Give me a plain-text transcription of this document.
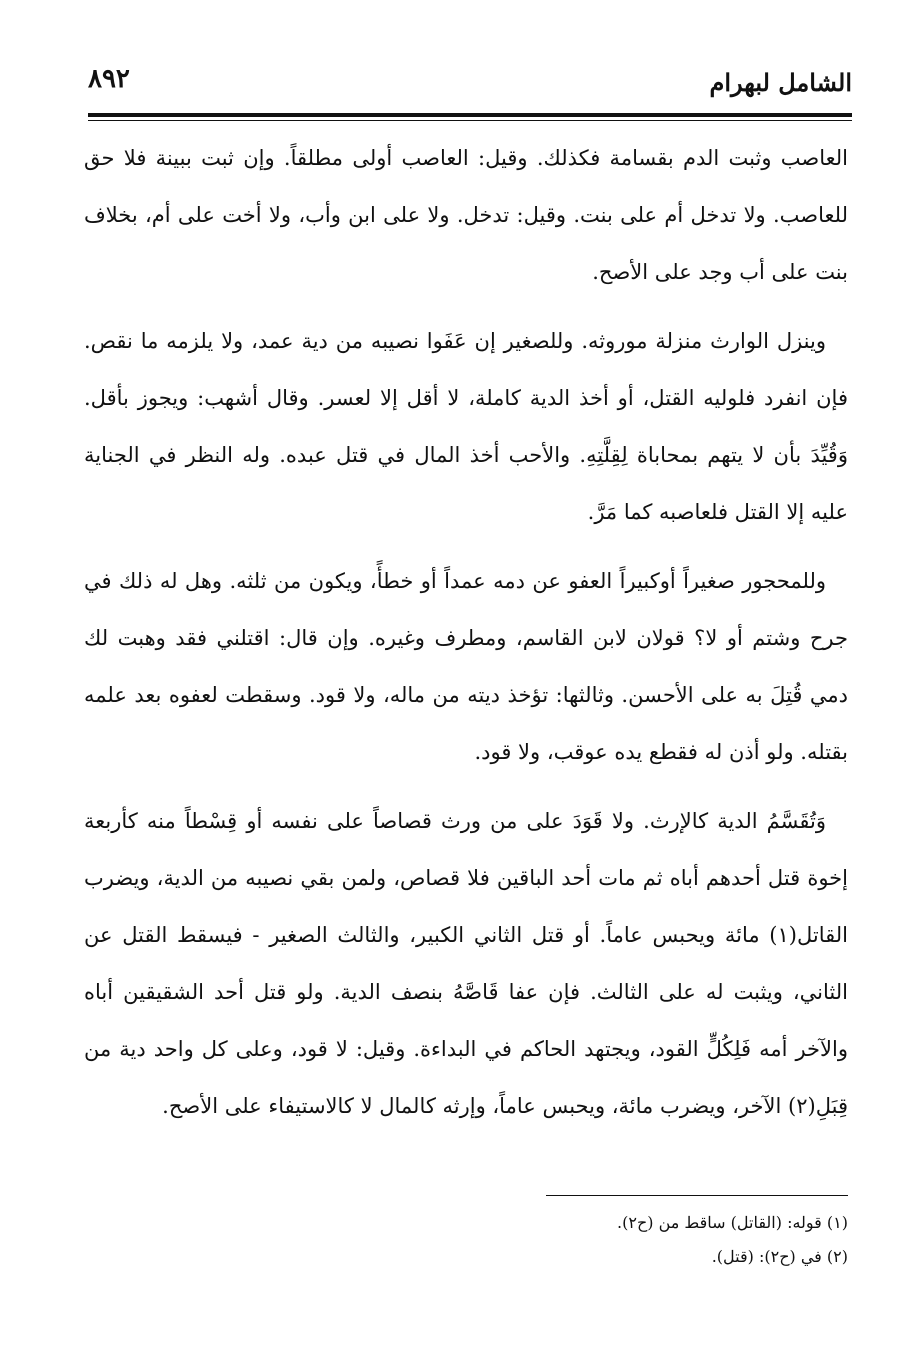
الشامل لبهرام
٨٩٢

العاصب وثبت الدم بقسامة فكذلك. وقيل: العاصب أولى مطلقاً. وإن ثبت ببينة فلا حق للعاصب. ولا تدخل أم على بنت. وقيل: تدخل. ولا على ابن وأب، ولا أخت على أم، بخلاف بنت على أب وجد على الأصح.

وينزل الوارث منزلة موروثه. وللصغير إن عَفَوا نصيبه من دية عمد، ولا يلزمه ما نقص. فإن انفرد فلوليه القتل، أو أخذ الدية كاملة، لا أقل إلا لعسر. وقال أشهب: ويجوز بأقل. وَقُيِّدَ بأن لا يتهم بمحاباة لِقِلَّتِهِ. والأحب أخذ المال في قتل عبده. وله النظر في الجناية عليه إلا القتل فلعاصبه كما مَرَّ.

وللمحجور صغيراً أوكبيراً العفو عن دمه عمداً أو خطأً، ويكون من ثلثه. وهل له ذلك في جرح وشتم أو لا؟ قولان لابن القاسم، ومطرف وغيره. وإن قال: اقتلني فقد وهبت لك دمي قُتِلَ به على الأحسن. وثالثها: تؤخذ ديته من ماله، ولا قود. وسقطت لعفوه بعد علمه بقتله. ولو أذن له فقطع يده عوقب، ولا قود.

وَتُقَسَّمُ الدية كالإرث. ولا قَوَدَ على من ورث قصاصاً على نفسه أو قِسْطاً منه كأربعة إخوة قتل أحدهم أباه ثم مات أحد الباقين فلا قصاص، ولمن بقي نصيبه من الدية، ويضرب القاتل(١) مائة ويحبس عاماً. أو قتل الثاني الكبير، والثالث الصغير - فيسقط القتل عن الثاني، ويثبت له على الثالث. فإن عفا قَاصَّهُ بنصف الدية. ولو قتل أحد الشقيقين أباه والآخر أمه فَلِكُلٍّ القود، ويجتهد الحاكم في البداءة. وقيل: لا قود، وعلى كل واحد دية من قِبَلِ(٢) الآخر، ويضرب مائة، ويحبس عاماً، وإرثه كالمال لا كالاستيفاء على الأصح.

(١) قوله: (القاتل) ساقط من (ح٢).
(٢) في (ح٢): (قتل).
